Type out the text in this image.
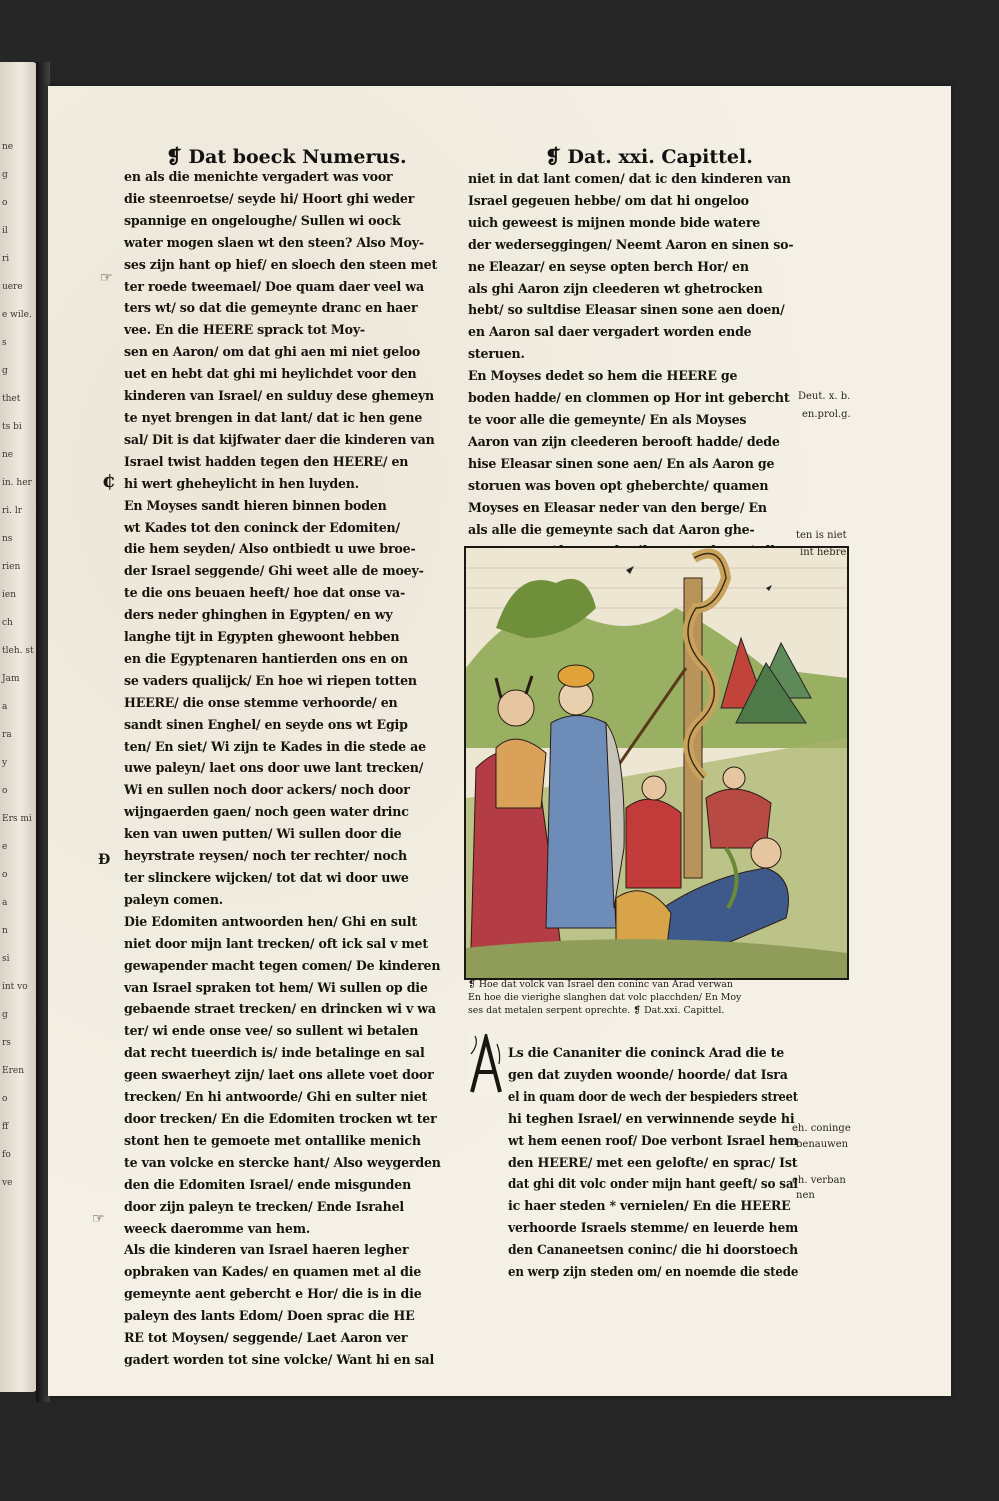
ne
g
o
il
ri
uere
e wile.
s
g
thet
ts bi
ne
in. her
ri. lr
ns
rien
ien
ch
tleh. st
Jam
a
ra
y
o
Ers mi
e
o
a
n
si
int vo
g
rs
Eren
o
ff
fo
ve
❡ Dat boeck Numerus.	❡ Dat. xxi. Capittel.
en als die menichte vergadert was voor
die steenroetse/ seyde hi/ Hoort ghi weder
spannige en ongeloughe/ Sullen wi oock
water mogen slaen wt den steen? Also Moy-
ses zijn hant op hief/ en sloech den steen met
ter roede tweemael/ Doe quam daer veel wa
ters wt/ so dat die gemeynte dranc en haer
vee. En die HEERE sprack tot Moy-
sen en Aaron/ om dat ghi aen mi niet geloo
uet en hebt dat ghi mi heylichdet voor den
kinderen van Israel/ en sulduy dese ghemeyn
te nyet brengen in dat lant/ dat ic hen gene
sal/ Dit is dat kijfwater daer die kinderen van
Israel twist hadden tegen den HEERE/ en
hi wert gheheylicht in hen luyden.
En Moyses sandt hieren binnen boden
wt Kades tot den coninck der Edomiten/
die hem seyden/ Also ontbiedt u uwe broe-
der Israel seggende/ Ghi weet alle de moey-
te die ons beuaen heeft/ hoe dat onse va-
ders neder ghinghen in Egypten/ en wy
langhe tijt in Egypten ghewoont hebben
en die Egyptenaren hantierden ons en on
se vaders qualijck/ En hoe wi riepen totten
HEERE/ die onse stemme verhoorde/ en
sandt sinen Enghel/ en seyde ons wt Egip
ten/ En siet/ Wi zijn te Kades in die stede ae
uwe paleyn/ laet ons door uwe lant trecken/
Wi en sullen noch door ackers/ noch door
wijngaerden gaen/ noch geen water drinc
ken van uwen putten/ Wi sullen door die
heyrstrate reysen/ noch ter rechter/ noch
ter slinckere wijcken/ tot dat wi door uwe
paleyn comen.
Die Edomiten antwoorden hen/ Ghi en sult
niet door mijn lant trecken/ oft ick sal v met
gewapender macht tegen comen/ De kinderen
van Israel spraken tot hem/ Wi sullen op die
gebaende straet trecken/ en drincken wi v wa
ter/ wi ende onse vee/ so sullent wi betalen
dat recht tueerdich is/ inde betalinge en sal
geen swaerheyt zijn/ laet ons allete voet door
trecken/ En hi antwoorde/ Ghi en sulter niet
door trecken/ En die Edomiten trocken wt ter
stont hen te gemoete met ontallike menich
te van volcke en stercke hant/ Also weygerden
den die Edomiten Israel/ ende misgunden
door zijn paleyn te trecken/ Ende Israhel
weeck daeromme van hem.
Als die kinderen van Israel haeren legher
opbraken van Kades/ en quamen met al die
gemeynte aent gebercht e Hor/ die is in die
paleyn des lants Edom/ Doen sprac die HE
RE tot Moysen/ seggende/ Laet Aaron ver
gadert worden tot sine volcke/ Want hi en sal
☞
¢
Ð
☞
niet in dat lant comen/ dat ic den kinderen van
Israel gegeuen hebbe/ om dat hi ongeloo
uich geweest is mijnen monde bide watere
der wederseggingen/ Neemt Aaron en sinen so-
ne Eleazar/ en seyse opten berch Hor/ en
als ghi Aaron zijn cleederen wt ghetrocken
hebt/ so sultdise Eleasar sinen sone aen doen/
en Aaron sal daer vergadert worden ende
steruen.
En Moyses dedet so hem die HEERE ge
boden hadde/ en clommen op Hor int gebercht
te voor alle die gemeynte/ En als Moyses
Aaron van zijn cleederen berooft hadde/ dede
hise Eleasar sinen sone aen/ En als Aaron ge
storuen was boven opt gheberchte/ quamen
Moyses en Eleasar neder van den berge/ En
als alle die gemeynte sach dat Aaron ghe-
Deut. x. b.
en.prol.g.
ten is niet
int hebre.
eh. coninge
benauwen
eh. verban
nen
❡ Hoe dat volck van Israel den coninc van Arad verwan
En hoe die vierighe slanghen dat volc placchden/ En Moy
ses dat metalen serpent oprechte. ❡ Dat.xxi. Capittel.
Ls die Cananiter die coninck Arad die te
gen dat zuyden woonde/ hoorde/ dat Isra
el in quam door de wech der bespieders street
hi teghen Israel/ en verwinnende seyde hi
wt hem eenen roof/ Doe verbont Israel hem
den HEERE/ met een gelofte/ en sprac/ Ist
dat ghi dit volc onder mijn hant geeft/ so sal
ic haer steden * vernielen/ En die HEERE
verhoorde Israels stemme/ en leuerde hem
den Cananeetsen coninc/ die hi doorstoech
en werp zijn steden om/ en noemde die stede
